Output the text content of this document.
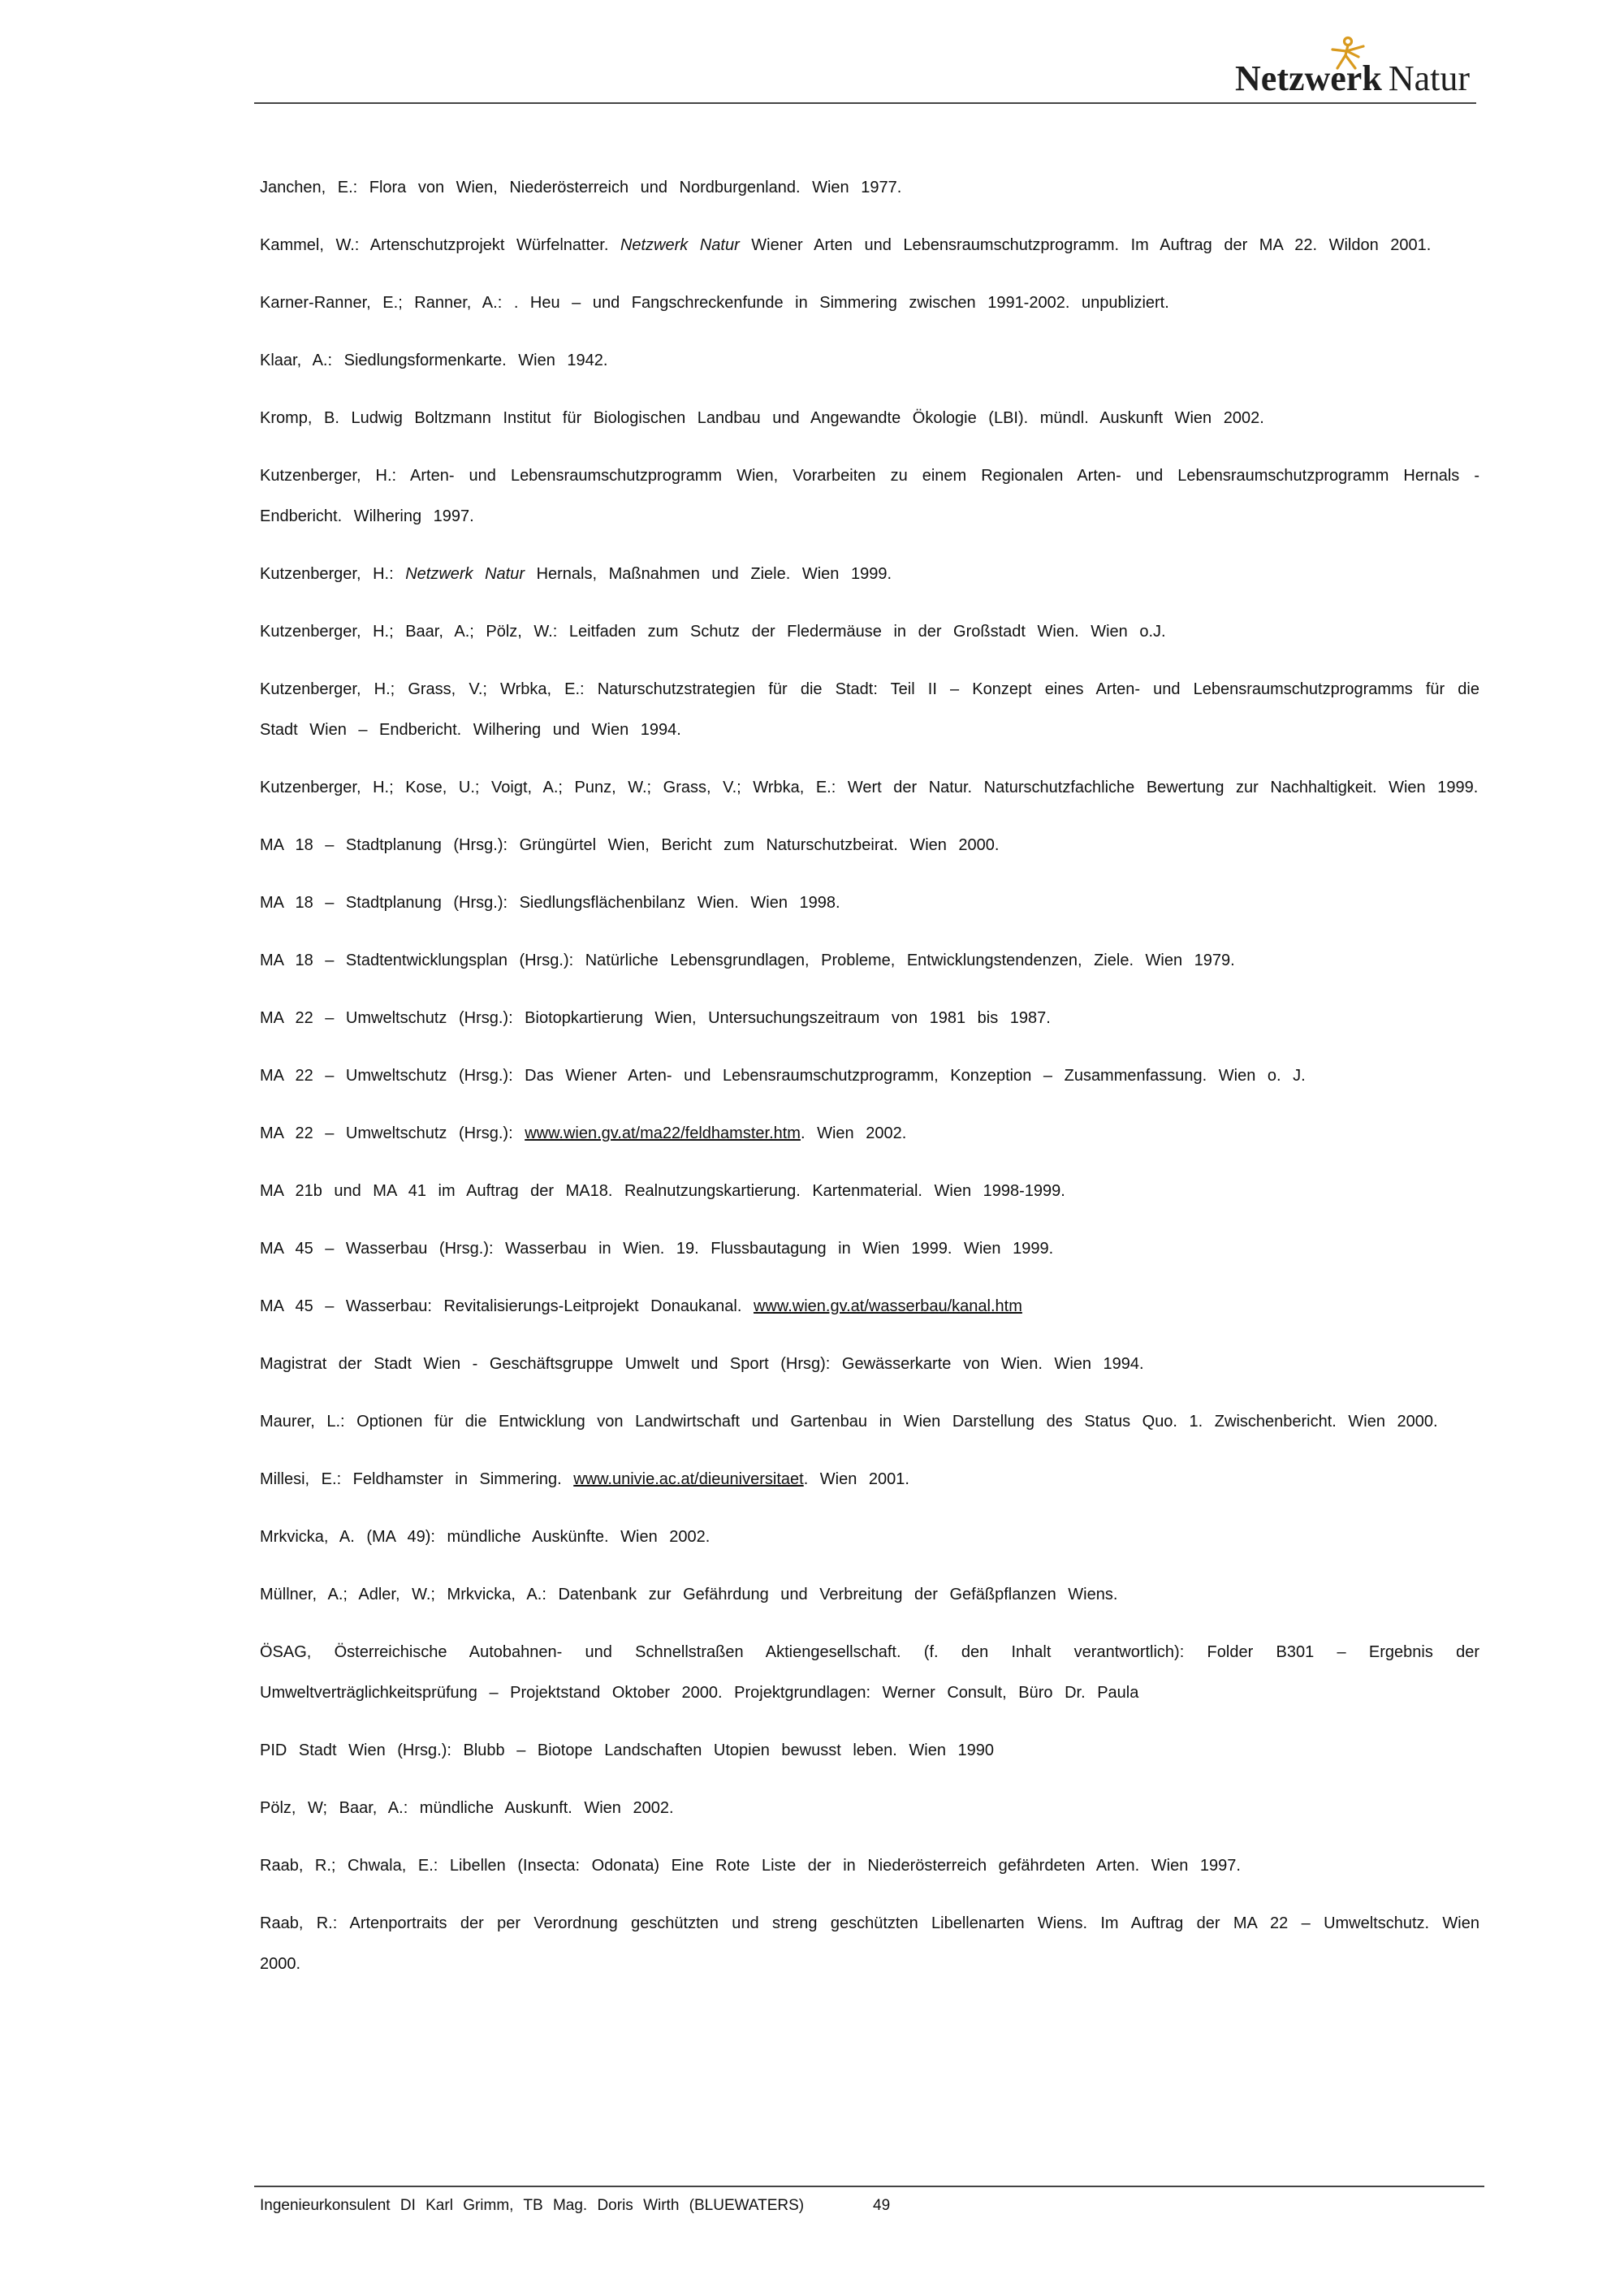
Netzwerk Natur
Janchen, E.: Flora von Wien, Niederösterreich und Nordburgenland. Wien 1977.
Kammel, W.: Artenschutzprojekt Würfelnatter. Netzwerk Natur Wiener Arten und Lebensraumschutzprogramm. Im Auftrag der MA 22. Wildon 2001.
Karner-Ranner, E.; Ranner, A.: . Heu – und Fangschreckenfunde in Simmering zwischen 1991-2002. unpubliziert.
Klaar, A.: Siedlungsformenkarte. Wien 1942.
Kromp, B. Ludwig Boltzmann Institut für Biologischen Landbau und Angewandte Ökologie (LBI). mündl. Auskunft Wien 2002.
Kutzenberger, H.: Arten- und Lebensraumschutzprogramm Wien, Vorarbeiten zu einem Regionalen Arten- und Lebensraumschutzprogramm Hernals - Endbericht. Wilhering 1997.
Kutzenberger, H.: Netzwerk Natur Hernals, Maßnahmen und Ziele. Wien 1999.
Kutzenberger, H.; Baar, A.; Pölz, W.: Leitfaden zum Schutz der Fledermäuse in der Großstadt Wien. Wien o.J.
Kutzenberger, H.; Grass, V.; Wrbka, E.: Naturschutzstrategien für die Stadt: Teil II – Konzept eines Arten- und Lebensraumschutzprogramms für die Stadt Wien – Endbericht. Wilhering und Wien 1994.
Kutzenberger, H.; Kose, U.; Voigt, A.; Punz, W.; Grass, V.; Wrbka, E.: Wert der Natur. Naturschutzfachliche Bewertung zur Nachhaltigkeit. Wien 1999.
MA 18 – Stadtplanung (Hrsg.): Grüngürtel Wien, Bericht zum Naturschutzbeirat. Wien 2000.
MA 18 – Stadtplanung (Hrsg.): Siedlungsflächenbilanz Wien. Wien 1998.
MA 18 – Stadtentwicklungsplan (Hrsg.): Natürliche Lebensgrundlagen, Probleme, Entwicklungstendenzen, Ziele. Wien 1979.
MA 22 – Umweltschutz (Hrsg.): Biotopkartierung Wien, Untersuchungszeitraum von 1981 bis 1987.
MA 22 – Umweltschutz (Hrsg.): Das Wiener Arten- und Lebensraumschutzprogramm, Konzeption – Zusammenfassung. Wien o. J.
MA 22 – Umweltschutz (Hrsg.): www.wien.gv.at/ma22/feldhamster.htm. Wien 2002.
MA 21b und MA 41 im Auftrag der MA18. Realnutzungskartierung. Kartenmaterial. Wien 1998-1999.
MA 45 – Wasserbau (Hrsg.): Wasserbau in Wien. 19. Flussbautagung in Wien 1999. Wien 1999.
MA 45 – Wasserbau: Revitalisierungs-Leitprojekt Donaukanal. www.wien.gv.at/wasserbau/kanal.htm
Magistrat der Stadt Wien - Geschäftsgruppe Umwelt und Sport (Hrsg): Gewässerkarte von Wien. Wien 1994.
Maurer, L.: Optionen für die Entwicklung von Landwirtschaft und Gartenbau in Wien Darstellung des Status Quo. 1. Zwischenbericht. Wien 2000.
Millesi, E.: Feldhamster in Simmering. www.univie.ac.at/dieuniversitaet. Wien 2001.
Mrkvicka, A. (MA 49): mündliche Auskünfte. Wien 2002.
Müllner, A.; Adler, W.; Mrkvicka, A.: Datenbank zur Gefährdung und Verbreitung der Gefäßpflanzen Wiens.
ÖSAG, Österreichische Autobahnen- und Schnellstraßen Aktiengesellschaft. (f. den Inhalt verantwortlich): Folder B301 – Ergebnis der Umweltverträglichkeitsprüfung – Projektstand Oktober 2000. Projektgrundlagen: Werner Consult, Büro Dr. Paula
PID Stadt Wien (Hrsg.): Blubb – Biotope Landschaften Utopien bewusst leben. Wien 1990
Pölz, W; Baar, A.: mündliche Auskunft. Wien 2002.
Raab, R.; Chwala, E.: Libellen (Insecta: Odonata) Eine Rote Liste der in Niederösterreich gefährdeten Arten. Wien 1997.
Raab, R.: Artenportraits der per Verordnung geschützten und streng geschützten Libellenarten Wiens. Im Auftrag der MA 22 – Umweltschutz. Wien 2000.
Ingenieurkonsulent DI Karl Grimm, TB Mag. Doris Wirth (BLUEWATERS)	49
